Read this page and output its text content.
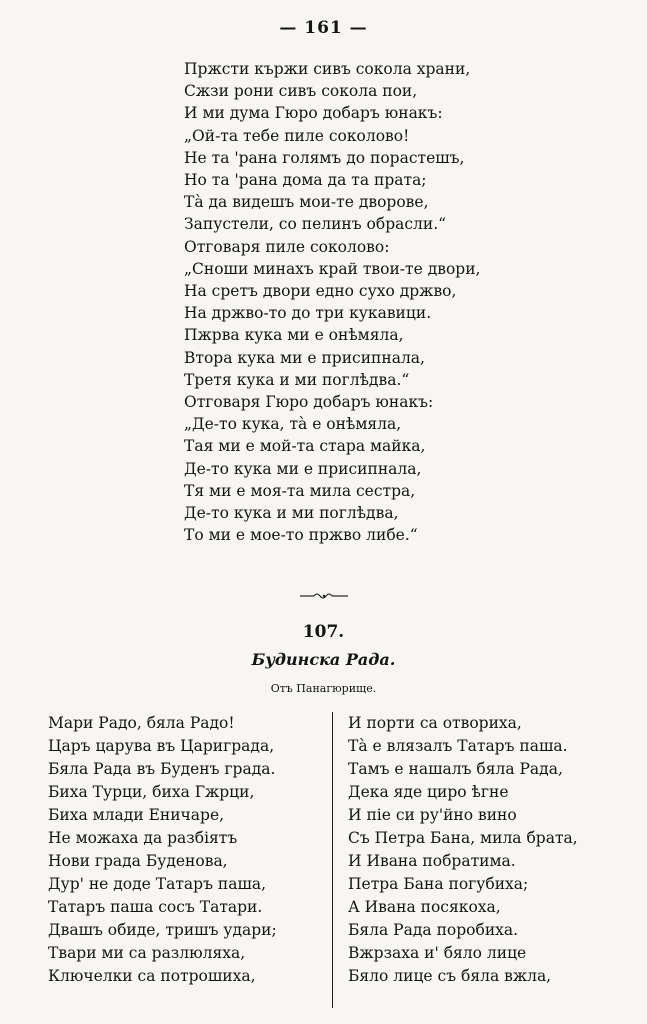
— 161 —
Пржсти кържи сивъ сокола храни,
Сжзи рони сивъ сокола пои,
И ми дума Гюро добаръ юнакъ:
„Ой-та тебе пиле соколово!
Не та 'рана голямъ до порастешъ,
Но та 'рана дома да та прата;
Тà да видешъ мои-те дворове,
Запустели, со пелинъ обрасли.“
Отговаря пиле соколово:
„Сноши минахъ край твои-те двори,
На сретъ двори едно сухо држво,
На држво-то до три кукавици.
Пжрва кука ми е онѣмяла,
Втора кука ми е присипнала,
Третя кука и ми поглѣдва.“
Отговаря Гюро добаръ юнакъ:
„Де-то кука, тà е онѣмяла,
Тая ми е мой-та стара майка,
Де-то кука ми е присипнала,
Тя ми е моя-та мила сестра,
Де-то кука и ми поглѣдва,
То ми е мое-то пржво либе.“
107.
Будинска Рада.
Отъ Панагюрище.
Мари Радо, бяла Радо!
Царъ царува въ Цариграда,
Бяла Рада въ Буденъ града.
Биха Турци, биха Гжрци,
Биха млади Еничаре,
Не можаха да разбіятъ
Нови града Буденова,
Дур' не доде Татаръ паша,
Татаръ паша сосъ Татари.
Двашъ обиде, тришъ удари;
Твари ми са разлюляха,
Ключелки са потрошиха,
И порти са отвориха,
Тà е влязалъ Татаръ паша.
Тамъ е нашалъ бяла Рада,
Дека яде циро ѣгне
И пie си ру'йно вино
Съ Петра Бана, мила брата,
И Ивана побратима.
Петра Бана погубиха;
А Ивана посякоха,
Бяла Рада поробиха.
Вжрзаха и' бяло лице
Бяло лице съ бяла вжла,
